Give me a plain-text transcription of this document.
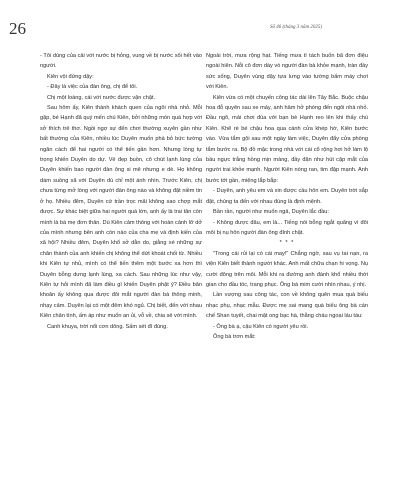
26	Số 46 (tháng 3 năm 2025)

- Tôi dùng của cải với nước bị hỏng, vung về bị nước xối hết vào người.

Kiên vội đứng dậy:

- Đây là việc của đàn ông, chị để tôi.

Chị một loáng, cái với nước được vặn chặt.

Sau hôm ấy, Kiên thành khách quen của ngôi nhà nhỏ. Mỗi gặp, bé Hạnh đã quý mến chú Kiên, bởi những món quà hợp với sở thích trẻ thơ. Ngồi ngợ sự đến chơi thường xuyên gần như bất thường của Kiên, nhiều lúc Duyên muốn phá bỏ bức tường ngăn cách để hai người có thể tiến gần hơn. Nhưng lòng tự trọng khiến Duyên do dự. Vẻ đẹp buồn, cô chút lạnh lùng của Duyên khiến bao người đàn ông si mê nhưng e dè. Họ không dám suồng sã với Duyên dù chỉ một ánh nhìn. Trước Kiên, chị chưa từng mở lòng với người đàn ông nào và không đặt niềm tin ở họ. Nhiều đêm, Duyên cứ trần trọc mãi không sao chợp mắt được. Sự khác biệt giữa hai người quá lớn, anh ấy là trai tân còn mình là bà mẹ đơn thân. Dù Kiên cảm thông với hoàn cảnh lỡ dở của mình nhưng bên anh còn nào của cha mẹ và định kiến của xã hội? Nhiều đêm, Duyên khổ sở dằn do, giằng xé những sự chân thành của anh khiến chị không thể dứt khoát chối từ. Nhiều khi Kiên tự nhủ, mình có thể tiến thêm một bước xa hơn thì Duyên bỗng dưng lạnh lùng, xa cách. Sau những lúc như vậy, Kiên tự hỏi mình đã làm điều gì khiến Duyên phật ý? Điều băn khoăn ấy không qua được đôi mắt người đàn bà thông minh, nhạy cảm. Duyên lại có một đêm khó ngủ. Chị biết, đến với nhau Kiên chân tình, ấm áp như muốn an ủi, vỗ về, chia sẻ với mình.

Canh khuya, trời nổi cơn dông. Sấm sét đì đùng.

Ngoài trời, mưa rộng hạt. Tiếng mưa tí tách buốn bã đơn điệu ngoài hiên. Nỗi cô đơn dày vò người đàn bà khỏe mạnh, tràn đầy sức sống, Duyên vùng dậy tựa lưng vào tường bấm máy chơi với Kiên.

Kiên vừa có một chuyến công tác dài lên Tây Bắc. Buộc chậu hoa đỗ quyên sau xe máy, anh hăm hở phóng đến ngôi nhà nhỏ. Đầu ngõ, mải chơi đùa với bạn bè Hạnh reo lên khi thấy chú Kiên. Khẽ rè bé chậu hoa qua cánh cửa khép hờ, Kiên bước vào. Vừa tắm gội sau một ngày làm việc, Duyên đẩy cửa phòng tắm bước ra. Bộ đồ mặc trong nhà với cái cổ rộng hơi hở làm lộ bầu ngực trắng hồng mịn màng, đầy đặn như hút cặp mắt của người trai khỏe mạnh. Người Kiên nóng ran, tim đập mạnh. Anh bước tới gần, miệng lắp bắp:

- Duyên, anh yêu em và xin được cầu hôn em. Duyên trời sắp đặt, chúng ta đến với nhau đúng là định mệnh.

Bần rần, người như muốn ngả, Duyên lắc đầu:

- Không được đâu, em là... Tiếng nói bỗng ngắt quãng vì đôi môi bị nụ hôn người đàn ông đính chặt.

* * *

"Trong cái rủi lại có cái may!" Chẳng ngờ, sau vụ tai nạn, ra viện Kiên biết thành người khác. Anh mất chữa chạn hi vọng. Nụ cười đông trên môi. Mỗi khi ra đường anh đành khổ nhiều thời gian cho đầu tóc, trang phục. Ông bà mim cười nhìn nhau, ý nhị.

Lần vượng sau công tác, con về không quên mua quà biếu nhạc phụ, nhạc mẫu. Được mẹ sai mang quà biếu ông bà cán chế Shan tuyết, chai mật ong bạc hà, thằng cháu ngoại láu táu:

- Ông bà ạ, cậu Kiên có người yêu rồi.

Ông bà trơn mắt:
